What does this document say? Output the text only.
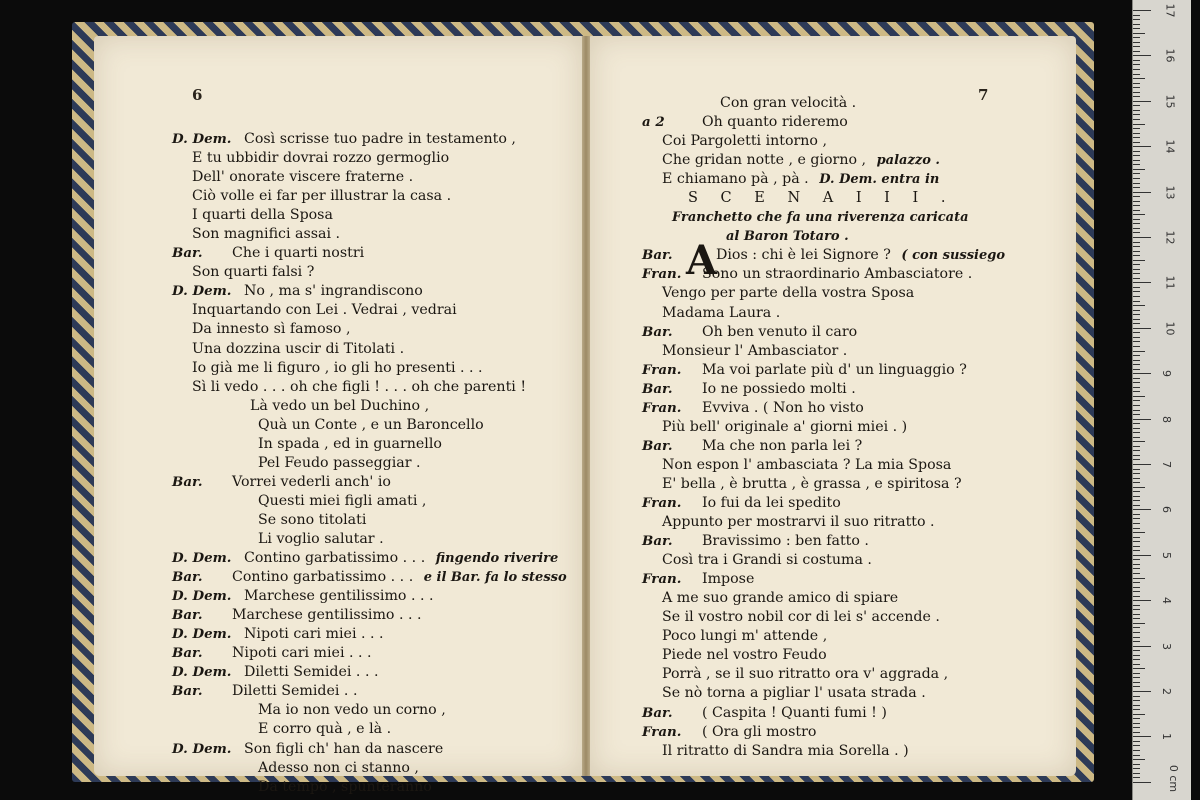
6
D. Dem. Così scrisse tuo padre in testamento ,
E tu ubbidir dovrai rozzo germoglio
Dell' onorate viscere fraterne .
Ciò volle ei far per illustrar la casa .
I quarti della Sposa
Son magnifici assai .
Bar. Che i quarti nostri
Son quarti falsi ?
D. Dem. No , ma s' ingrandiscono
Inquartando con Lei . Vedrai , vedrai
Da innesto sì famoso ,
Una dozzina uscir di Titolati .
Io già me li figuro , io gli ho presenti . . .
Sì li vedo . . . oh che figli ! . . . oh che parenti !
Là vedo un bel Duchino ,
Quà un Conte , e un Baroncello
In spada , ed in guarnello
Pel Feudo passeggiar .
Bar. Vorrei vederli anch' io
Questi miei figli amati ,
Se sono titolati
Li voglio salutar .
D. Dem. Contino garbatissimo . . . fingendo riverire
Bar. Contino garbatissimo . . . e il Bar. fa lo stesso
D. Dem. Marchese gentilissimo . . .
Bar. Marchese gentilissimo . . .
D. Dem. Nipoti cari miei . . .
Bar. Nipoti cari miei . . .
D. Dem. Diletti Semidei . . .
Bar. Diletti Semidei . .
Ma io non vedo un corno ,
E corro quà , e là .
D. Dem. Son figli ch' han da nascere
Adesso non ci stanno ,
Da tempo , spunteranno
7
Con gran velocità .
a 2	Oh quanto rideremo
Coi Pargoletti intorno ,
Che gridan notte , e giorno , palazzo .
E chiamano pà , pà . D. Dem. entra in
S C E N A I I I .
Franchetto che fa una riverenza caricata
al Baron Totaro .
Bar. A
Dios : chi è lei Signore ? ( con sussiego
Fran. Sono un straordinario Ambasciatore .
Vengo per parte della vostra Sposa
Madama Laura .
Bar. Oh ben venuto il caro
Monsieur l' Ambasciator .
Fran. Ma voi parlate più d' un linguaggio ?
Bar. Io ne possiedo molti .
Fran. Evviva . ( Non ho visto
Più bell' originale a' giorni miei . )
Bar. Ma che non parla lei ?
Non espon l' ambasciata ? La mia Sposa
E' bella , è brutta , è grassa , e spiritosa ?
Fran. Io fui da lei spedito
Appunto per mostrarvi il suo ritratto .
Bar. Bravissimo : ben fatto .
Così tra i Grandi si costuma .
Fran. Impose
A me suo grande amico di spiare
Se il vostro nobil cor di lei s' accende .
Poco lungi m' attende ,
Piede nel vostro Feudo
Porrà , se il suo ritratto ora v' aggrada ,
Se nò torna a pigliar l' usata strada .
Bar. ( Caspita ! Quanti fumi ! )
Fran. ( Ora gli mostro
Il ritratto di Sandra mia Sorella . )
17
16
15
14
13
12
11
10
9
8
7
6
5
4
3
2
1
0 cm
